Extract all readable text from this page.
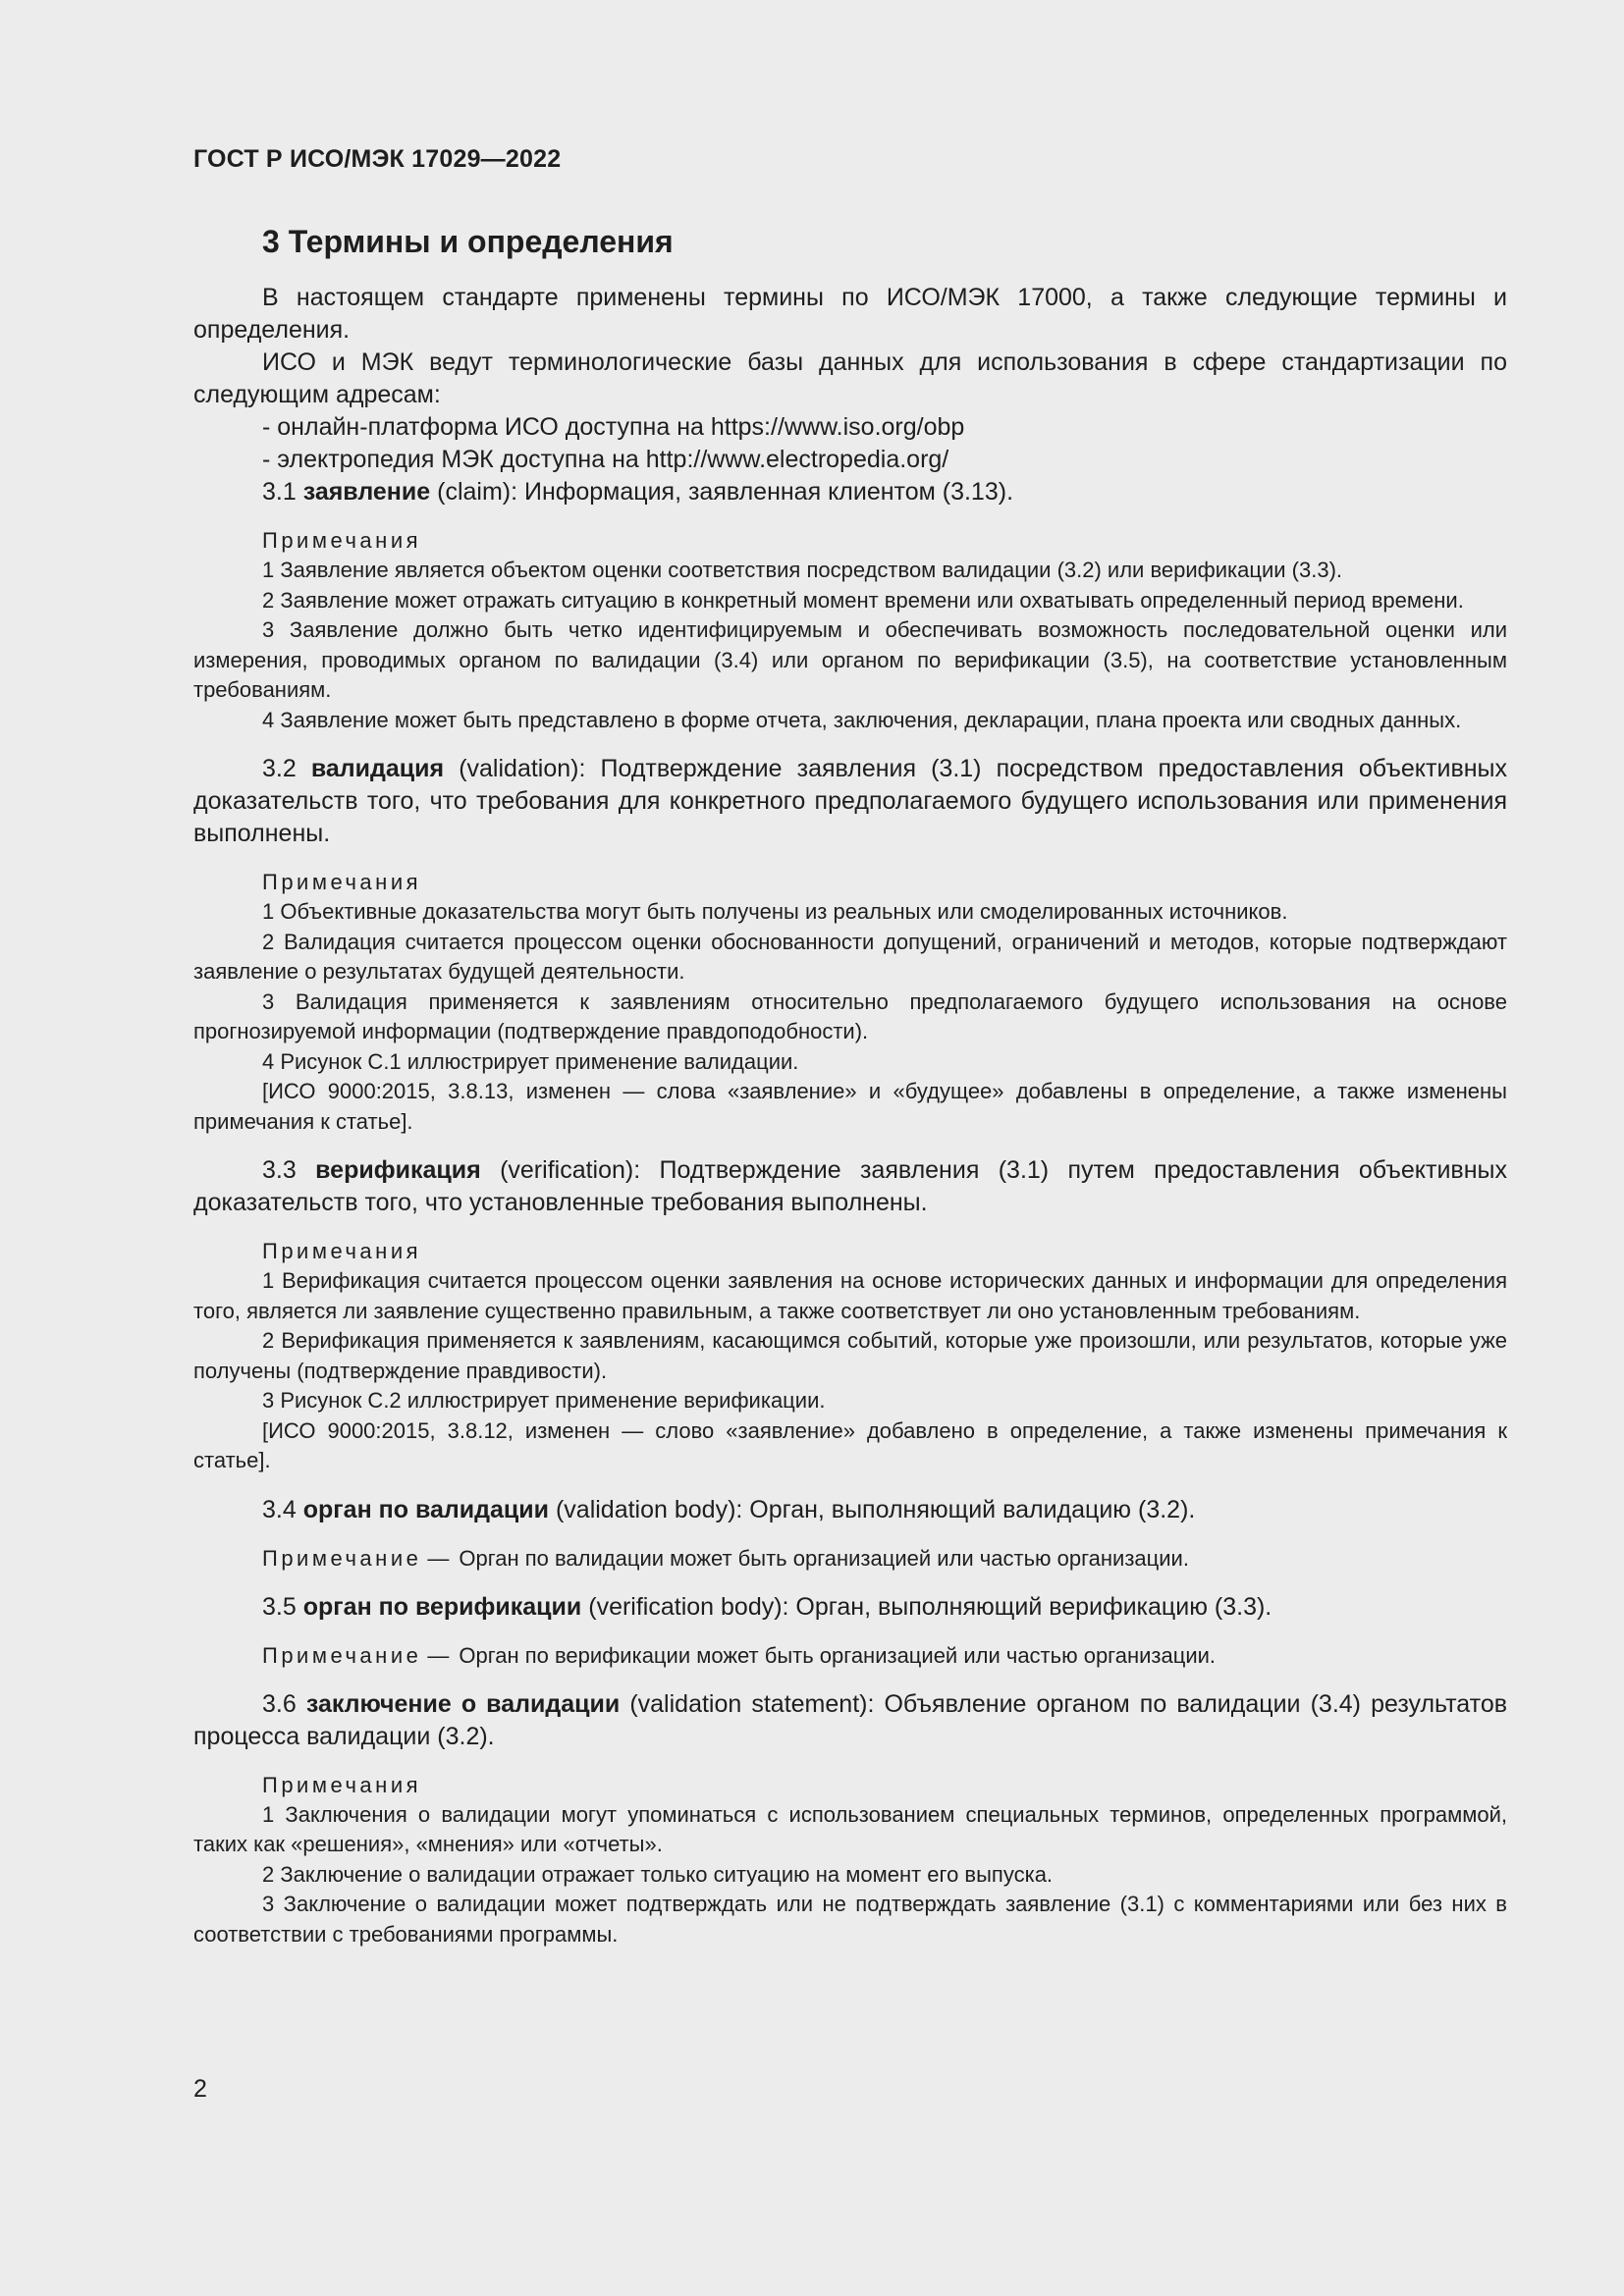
ГОСТ Р ИСО/МЭК 17029—2022
3 Термины и определения

В настоящем стандарте применены термины по ИСО/МЭК 17000, а также следующие термины и определения.

ИСО и МЭК ведут терминологические базы данных для использования в сфере стандартизации по следующим адресам:

- онлайн-платформа ИСО доступна на https://www.iso.org/obp

- электропедия МЭК доступна на http://www.electropedia.org/

3.1 заявление (claim): Информация, заявленная клиентом (3.13).

Примечания

1 Заявление является объектом оценки соответствия посредством валидации (3.2) или верификации (3.3).

2 Заявление может отражать ситуацию в конкретный момент времени или охватывать определенный период времени.

3 Заявление должно быть четко идентифицируемым и обеспечивать возможность последовательной оценки или измерения, проводимых органом по валидации (3.4) или органом по верификации (3.5), на соответствие установленным требованиям.

4 Заявление может быть представлено в форме отчета, заключения, декларации, плана проекта или сводных данных.

3.2 валидация (validation): Подтверждение заявления (3.1) посредством предоставления объективных доказательств того, что требования для конкретного предполагаемого будущего использования или применения выполнены.

Примечания

1 Объективные доказательства могут быть получены из реальных или смоделированных источников.

2 Валидация считается процессом оценки обоснованности допущений, ограничений и методов, которые подтверждают заявление о результатах будущей деятельности.

3 Валидация применяется к заявлениям относительно предполагаемого будущего использования на основе прогнозируемой информации (подтверждение правдоподобности).

4 Рисунок С.1 иллюстрирует применение валидации.

[ИСО 9000:2015, 3.8.13, изменен — слова «заявление» и «будущее» добавлены в определение, а также изменены примечания к статье].

3.3 верификация (verification): Подтверждение заявления (3.1) путем предоставления объективных доказательств того, что установленные требования выполнены.

Примечания

1 Верификация считается процессом оценки заявления на основе исторических данных и информации для определения того, является ли заявление существенно правильным, а также соответствует ли оно установленным требованиям.

2 Верификация применяется к заявлениям, касающимся событий, которые уже произошли, или результатов, которые уже получены (подтверждение правдивости).

3 Рисунок С.2 иллюстрирует применение верификации.

[ИСО 9000:2015, 3.8.12, изменен — слово «заявление» добавлено в определение, а также изменены примечания к статье].

3.4 орган по валидации (validation body): Орган, выполняющий валидацию (3.2).

Примечание — Орган по валидации может быть организацией или частью организации.

3.5 орган по верификации (verification body): Орган, выполняющий верификацию (3.3).

Примечание — Орган по верификации может быть организацией или частью организации.

3.6 заключение о валидации (validation statement): Объявление органом по валидации (3.4) результатов процесса валидации (3.2).

Примечания

1 Заключения о валидации могут упоминаться с использованием специальных терминов, определенных программой, таких как «решения», «мнения» или «отчеты».

2 Заключение о валидации отражает только ситуацию на момент его выпуска.

3 Заключение о валидации может подтверждать или не подтверждать заявление (3.1) с комментариями или без них в соответствии с требованиями программы.

2
